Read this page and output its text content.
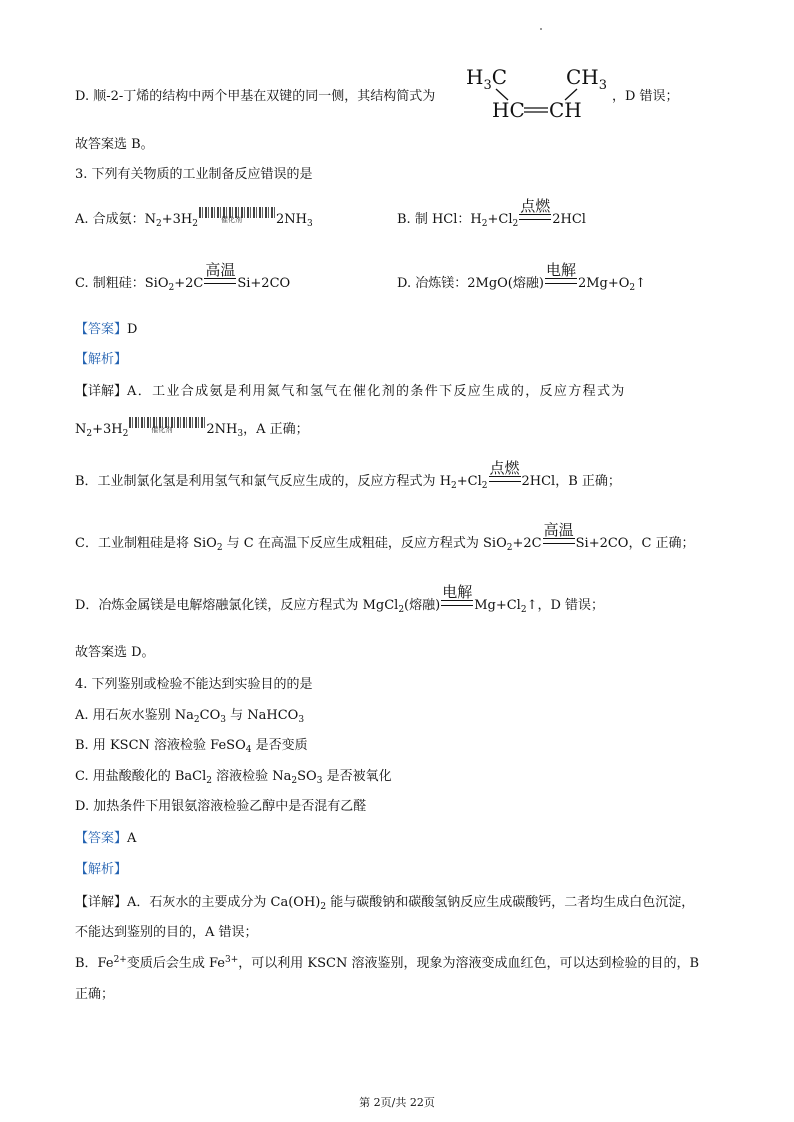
D. 顺-2-丁烯的结构中两个甲基在双键的同一侧，其结构简式为
$H_3C$	$CH_3$
HC CH
，D 错误；
故答案选 B。
3. 下列有关物质的工业制备反应错误的是
A. 合成氨：$N_2+3H_2$	催化剂	$2NH_3$	B. 制 HCl：$H_2+Cl_2$
点燃
2HCl
C. 制粗硅：SiO$_2$+2C
高温
Si+2CO	D. 冶炼镁：2MgO(熔融)
电解
$2Mg+O_2↑$
【答案】D
【解析】
【详解】A．工业合成氨是利用氮气和氢气在催化剂的条件下反应生成的，反应方程式为
$N_2+3H_2$	催化剂	$2NH_3$，A 正确；
B．工业制氯化氢是利用氢气和氯气反应生成的，反应方程式为 $H_2+Cl_2$
点燃
2HCl，B 正确；
C．工业制粗硅是将 SiO$_2$ 与 C 在高温下反应生成粗硅，反应方程式为 SiO$_2$+2C
高温
Si+2CO，C 正确；
D．冶炼金属镁是电解熔融氯化镁，反应方程式为 MgCl$_2$(熔融)
电解
$Mg+Cl_2↑$，D 错误；
故答案选 D。
4. 下列鉴别或检验不能达到实验目的的是
A. 用石灰水鉴别 $Na_2CO_3$ 与 NaHCO$_3$
B. 用 KSCN 溶液检验 FeSO$_4$ 是否变质
C. 用盐酸酸化的 BaCl$_2$ 溶液检验 $Na_2SO_3$ 是否被氧化
D. 加热条件下用银氨溶液检验乙醇中是否混有乙醛
【答案】A
【解析】
【详解】A．石灰水的主要成分为 $Ca(OH)_2$ 能与碳酸钠和碳酸氢钠反应生成碳酸钙，二者均生成白色沉淀，
不能达到鉴别的目的，A 错误；
B．$Fe^{2+}$变质后会生成 $Fe^{3+}$，可以利用 KSCN 溶液鉴别，现象为溶液变成血红色，可以达到检验的目的，B
正确；
第 2页/共 22页
